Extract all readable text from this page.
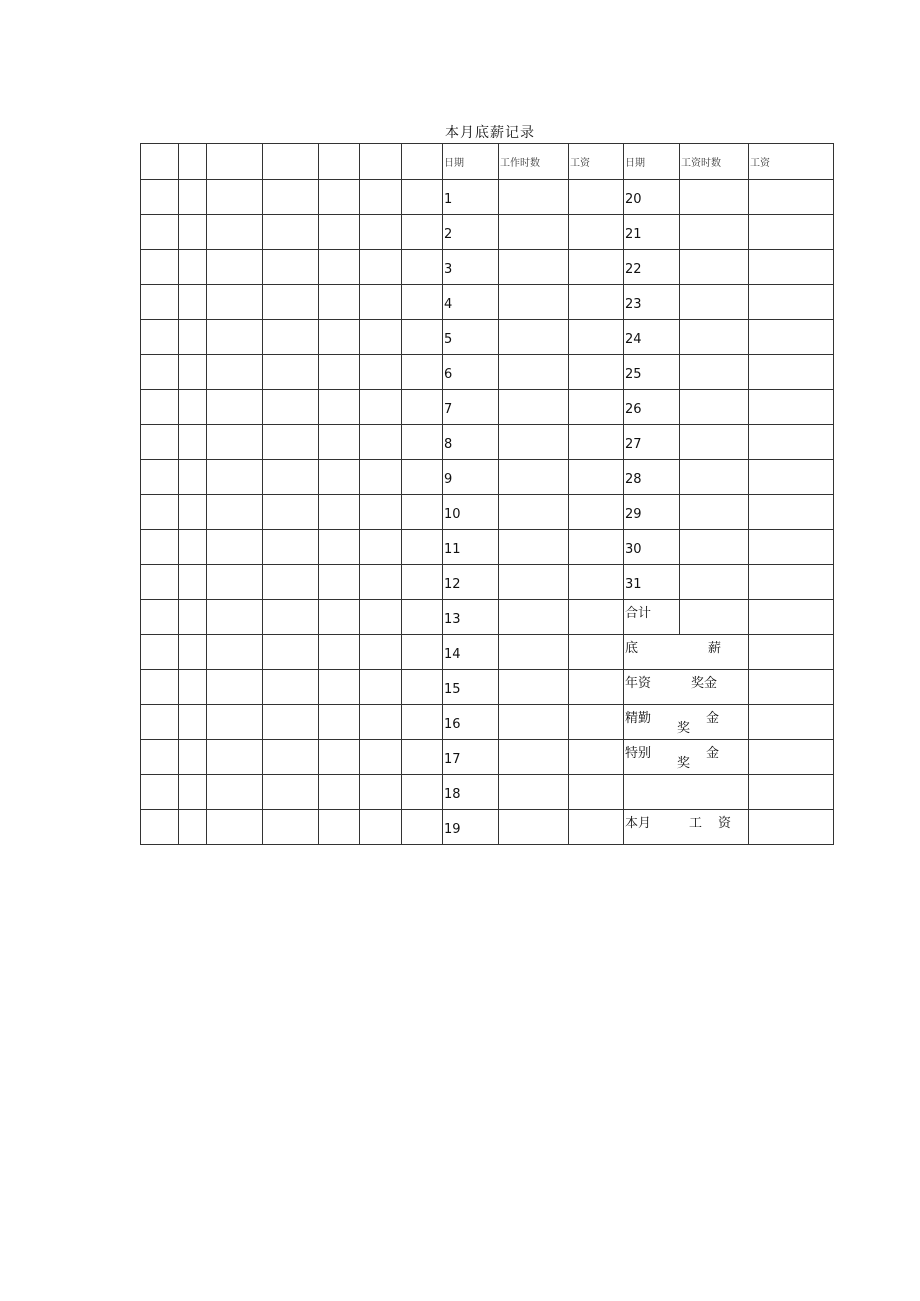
本月底薪记录
							日期	工作时数	工资	日期	工资时数	工资
							1			20		
							2			21		
							3			22		
							4			23		
							5			24		
							6			25		
							7			26		
							8			27		
							9			28		
							10			29		
							11			30		
							12			31		
							13			合计		
							14			底 薪		
							15			年资 奖金		
							16			精勤奖金		
							17			特别奖金		
							18					
							19			本月 工 资		
